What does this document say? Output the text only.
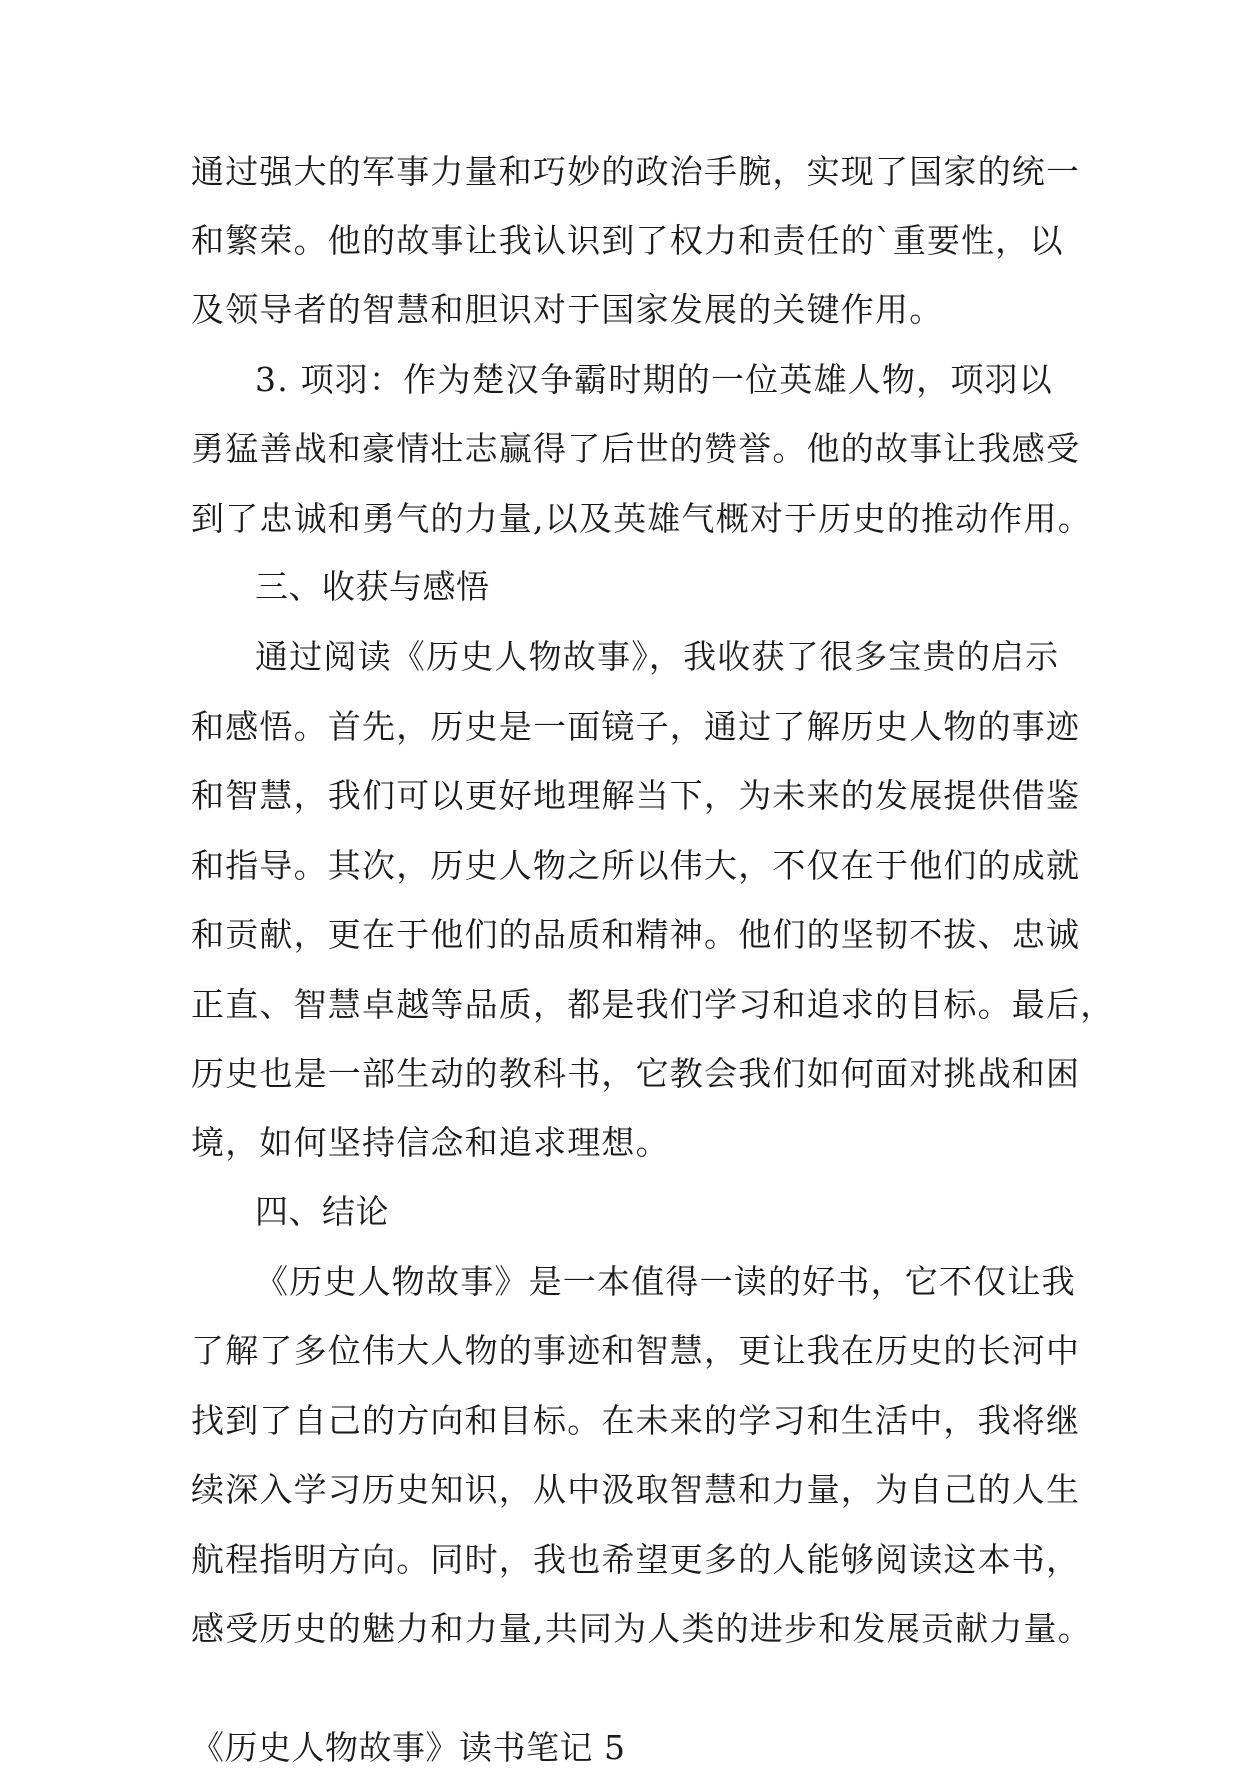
通过强大的军事力量和巧妙的政治手腕，实现了国家的统一
和繁荣。他的故事让我认识到了权力和责任的`重要性，以
及领导者的智慧和胆识对于国家发展的关键作用。
3. 项羽：作为楚汉争霸时期的一位英雄人物，项羽以
勇猛善战和豪情壮志赢得了后世的赞誉。他的故事让我感受
到了忠诚和勇气的力量,以及英雄气概对于历史的推动作用。
三、收获与感悟
通过阅读《历史人物故事》，我收获了很多宝贵的启示
和感悟。首先，历史是一面镜子，通过了解历史人物的事迹
和智慧，我们可以更好地理解当下，为未来的发展提供借鉴
和指导。其次，历史人物之所以伟大，不仅在于他们的成就
和贡献，更在于他们的品质和精神。他们的坚韧不拔、忠诚
正直、智慧卓越等品质，都是我们学习和追求的目标。最后，
历史也是一部生动的教科书，它教会我们如何面对挑战和困
境，如何坚持信念和追求理想。
四、结论
《历史人物故事》是一本值得一读的好书，它不仅让我
了解了多位伟大人物的事迹和智慧，更让我在历史的长河中
找到了自己的方向和目标。在未来的学习和生活中，我将继
续深入学习历史知识，从中汲取智慧和力量，为自己的人生
航程指明方向。同时，我也希望更多的人能够阅读这本书，
感受历史的魅力和力量,共同为人类的进步和发展贡献力量。
《历史人物故事》读书笔记 5
